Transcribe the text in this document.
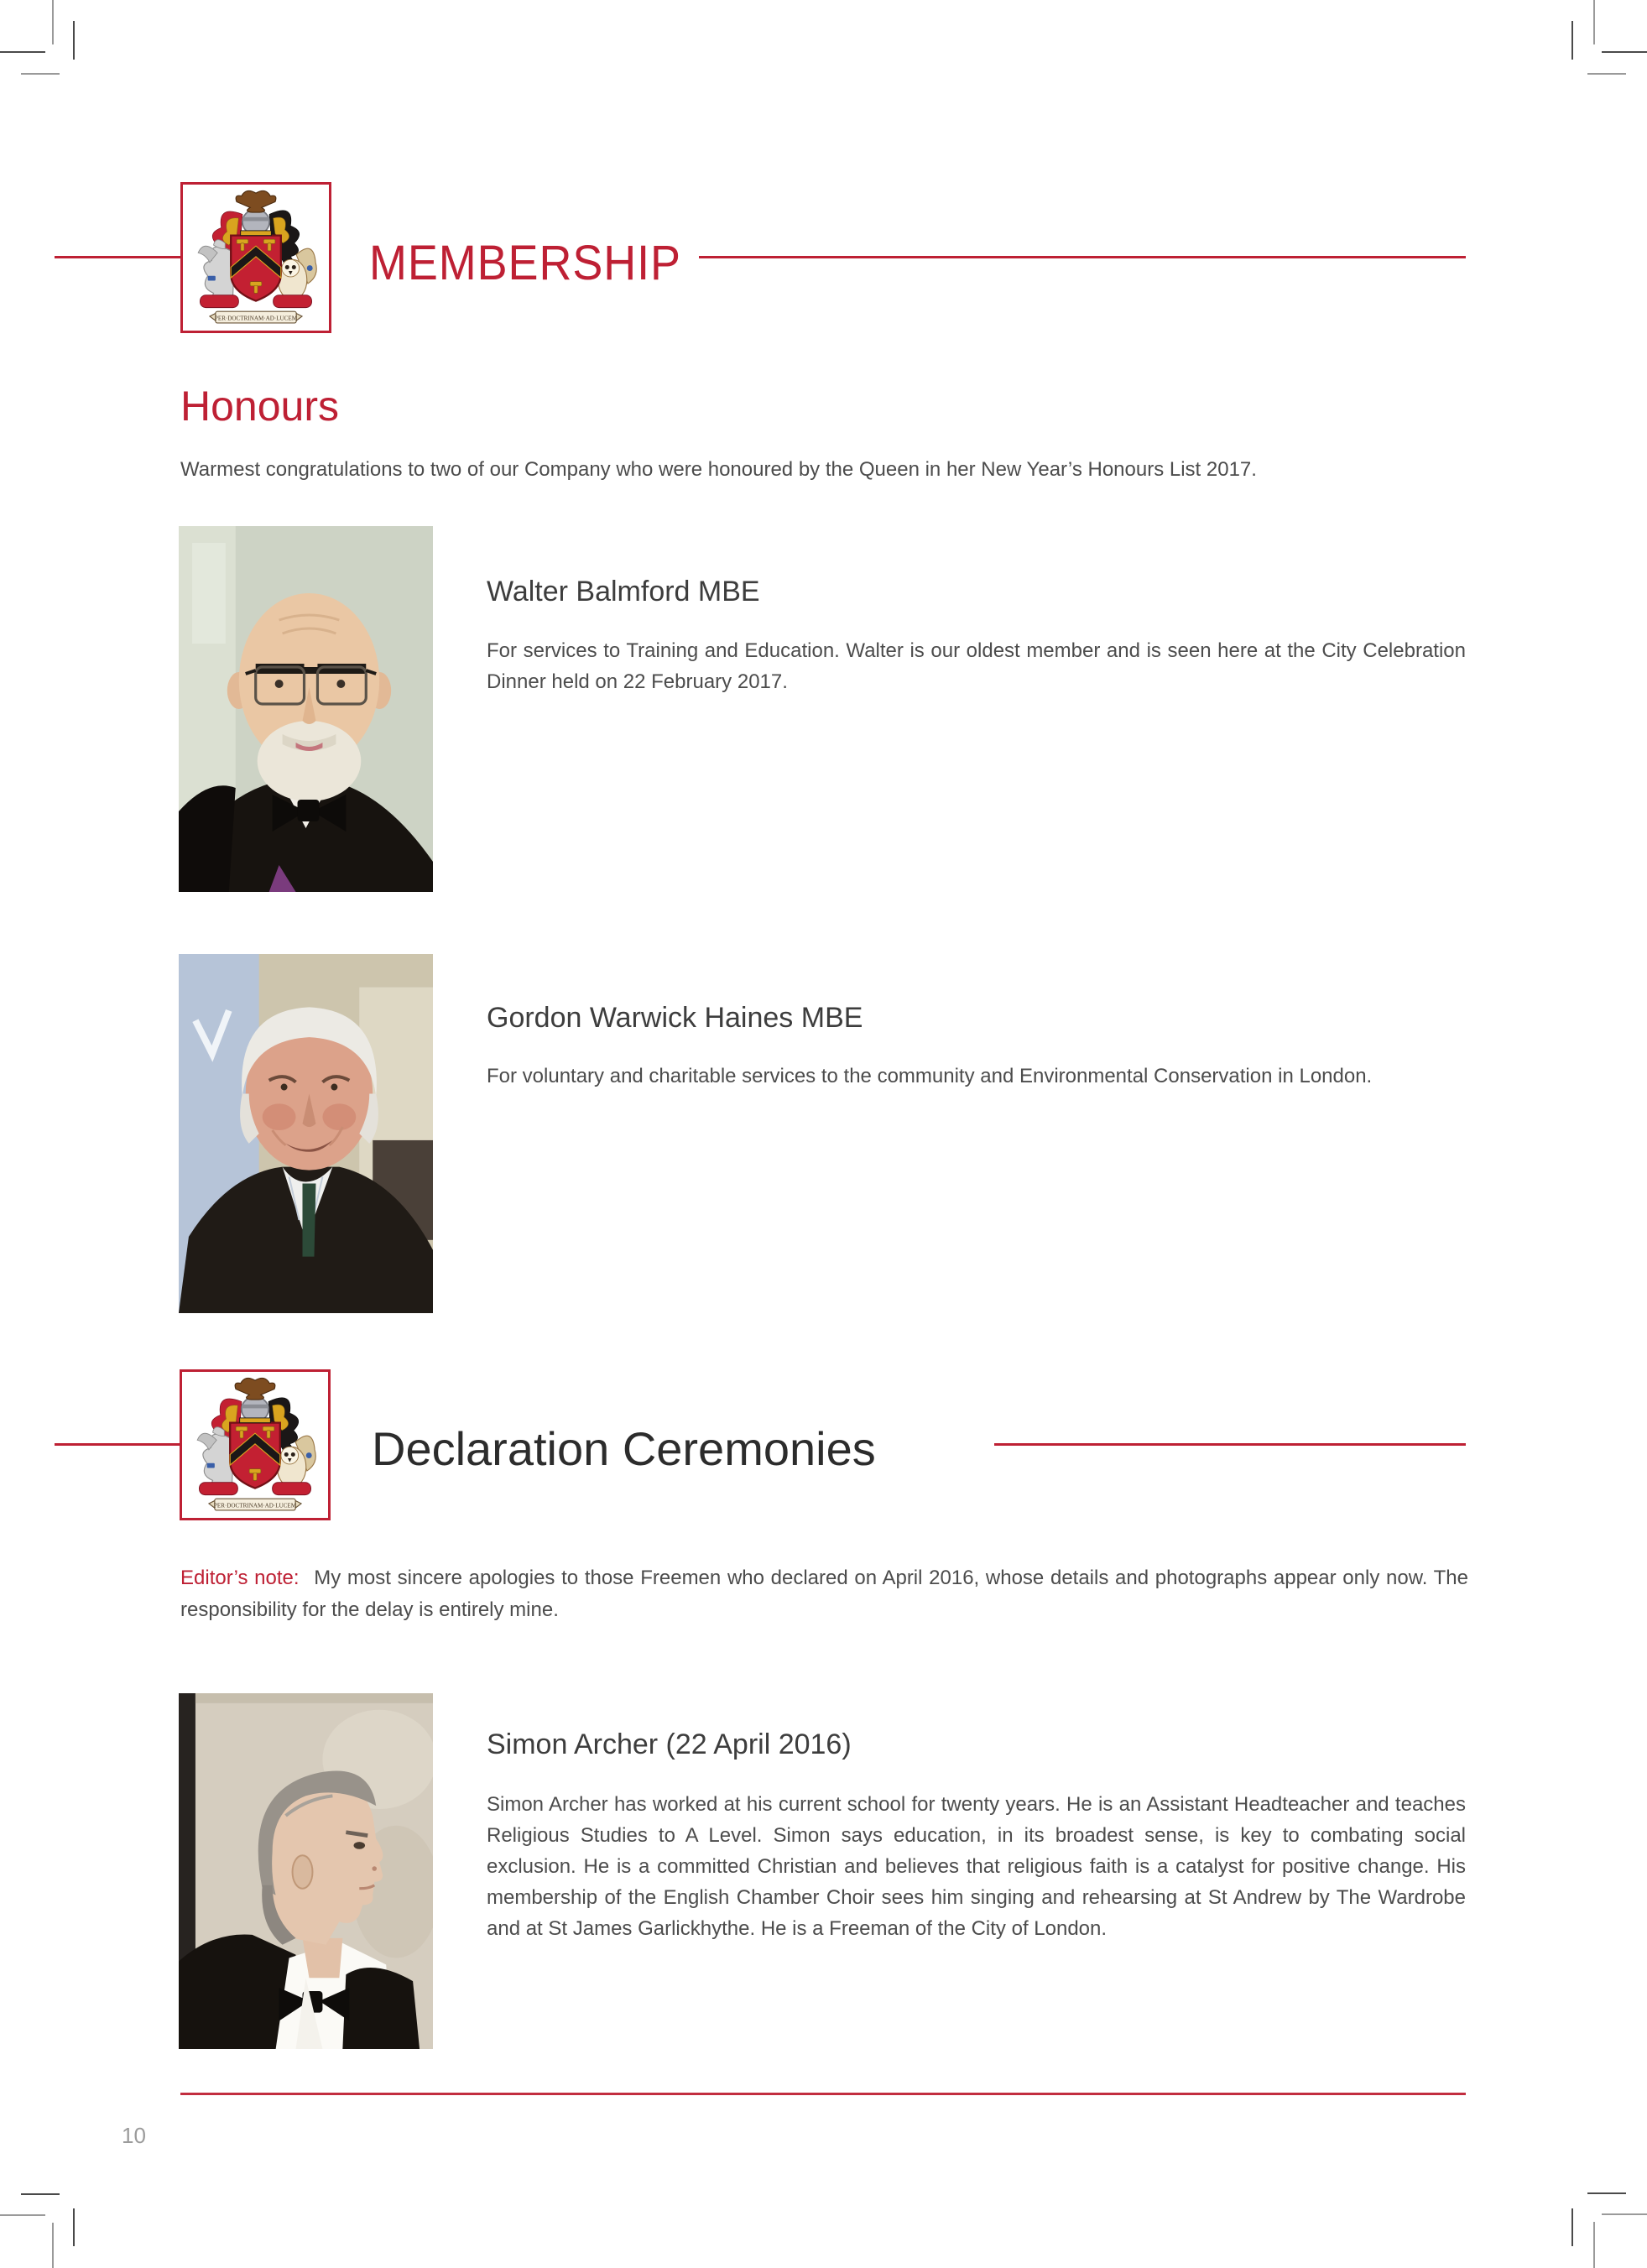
MEMBERSHIP
Honours

Warmest congratulations to two of our Company who were honoured by the Queen in her New Year’s Honours List 2017.

Walter Balmford MBE

For services to Training and Education. Walter is our oldest member and is seen here at the City Celebration Dinner held on 22 February 2017.

Gordon Warwick Haines MBE

For voluntary and charitable services to the community and Environmental Conservation in London.

Declaration Ceremonies

Editor’s note: My most sincere apologies to those Freemen who declared on April 2016, whose details and photographs appear only now. The responsibility for the delay is entirely mine.

Simon Archer (22 April 2016)

Simon Archer has worked at his current school for twenty years. He is an Assistant Headteacher and teaches Religious Studies to A Level. Simon says education, in its broadest sense, is key to combating social exclusion. He is a committed Christian and believes that religious faith is a catalyst for positive change. His membership of the English Chamber Choir sees him singing and rehearsing at St Andrew by The Wardrobe and at St James Garlickhythe. He is a Freeman of the City of London.

10
